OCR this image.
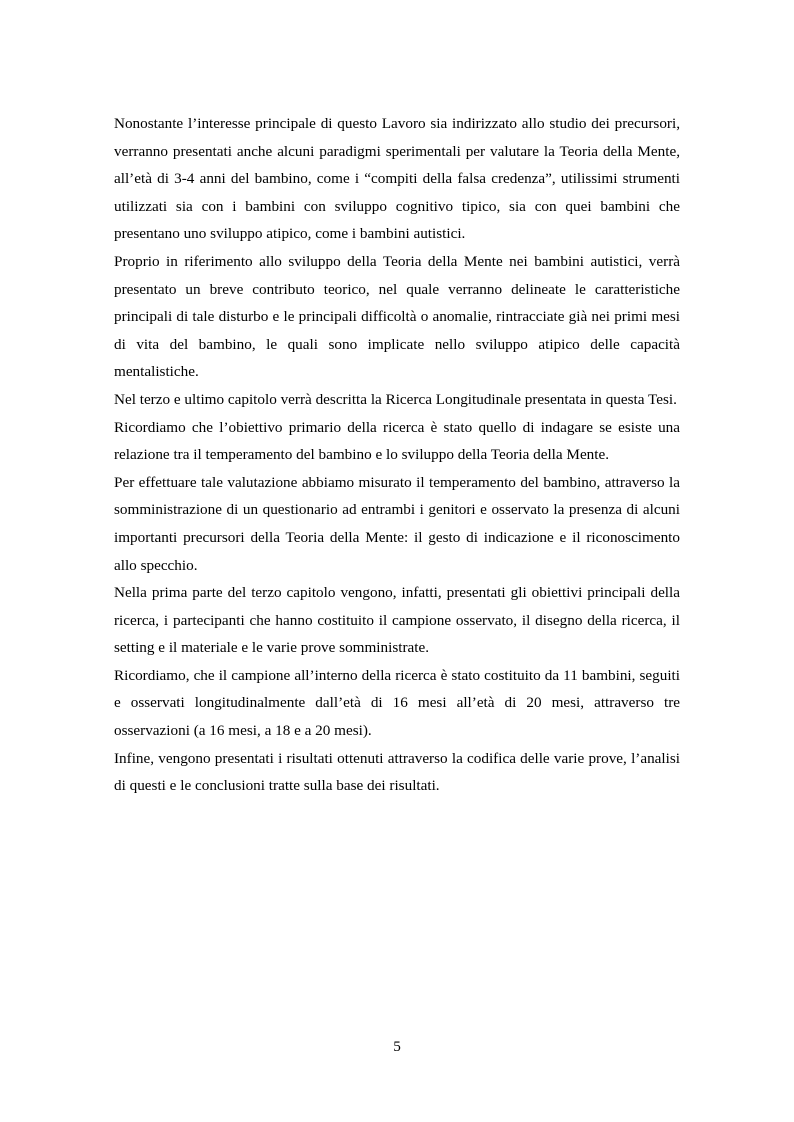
Nonostante l’interesse principale di questo Lavoro sia indirizzato allo studio dei precursori, verranno presentati anche alcuni paradigmi sperimentali per valutare la Teoria della Mente, all’età di 3-4 anni del bambino, come i “compiti della falsa credenza”, utilissimi strumenti utilizzati sia con i bambini con sviluppo cognitivo tipico, sia con quei bambini che presentano uno sviluppo atipico, come i bambini autistici.

Proprio in riferimento allo sviluppo della Teoria della Mente nei bambini autistici, verrà presentato un breve contributo teorico, nel quale verranno delineate le caratteristiche principali di tale disturbo e le principali difficoltà o anomalie, rintracciate già nei primi mesi di vita del bambino, le quali sono implicate nello sviluppo atipico delle capacità mentalistiche.

Nel terzo e ultimo capitolo verrà descritta la Ricerca Longitudinale presentata in questa Tesi.

Ricordiamo che l’obiettivo primario della ricerca è stato quello di indagare se esiste una relazione tra il temperamento del bambino e lo sviluppo della Teoria della Mente.

Per effettuare tale valutazione abbiamo misurato il temperamento del bambino, attraverso la somministrazione di un questionario ad entrambi i genitori e osservato la presenza di alcuni importanti precursori della Teoria della Mente: il gesto di indicazione e il riconoscimento allo specchio.

Nella prima parte del terzo capitolo vengono, infatti, presentati gli obiettivi principali della ricerca, i partecipanti che hanno costituito il campione osservato, il disegno della ricerca, il setting e il materiale e le varie prove somministrate.

Ricordiamo, che il campione all’interno della ricerca è stato costituito da 11 bambini, seguiti e osservati longitudinalmente dall’età di 16 mesi all’età di 20 mesi, attraverso tre osservazioni (a 16 mesi, a 18 e a 20 mesi).

Infine, vengono presentati i risultati ottenuti attraverso la codifica delle varie prove, l’analisi di questi e le conclusioni tratte sulla base dei risultati.

5
